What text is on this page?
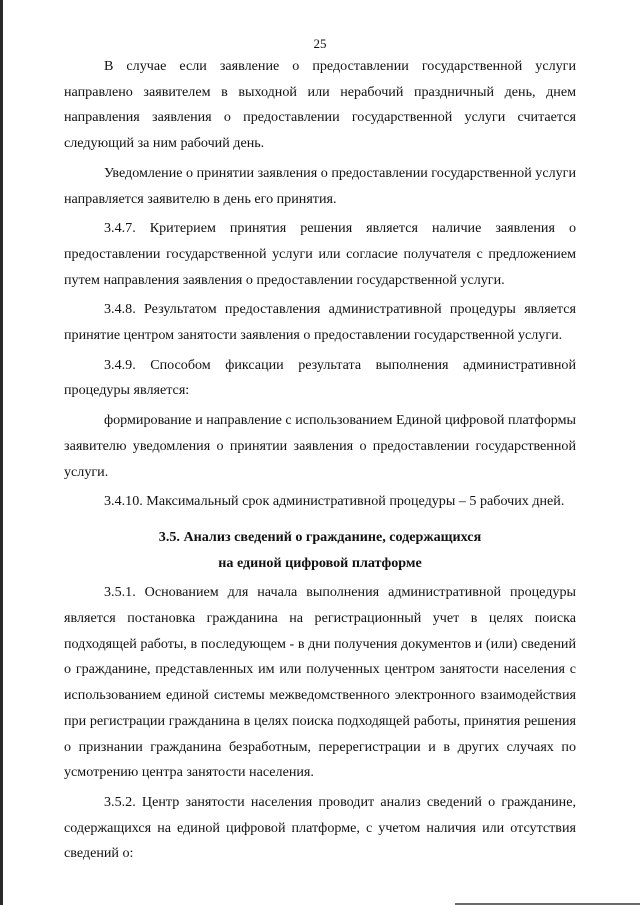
25

В случае если заявление о предоставлении государственной услуги направлено заявителем в выходной или нерабочий праздничный день, днем направления заявления о предоставлении государственной услуги считается следующий за ним рабочий день.

Уведомление о принятии заявления о предоставлении государственной услуги направляется заявителю в день его принятия.

3.4.7. Критерием принятия решения является наличие заявления о предоставлении государственной услуги или согласие получателя с предложением путем направления заявления о предоставлении государственной услуги.

3.4.8. Результатом предоставления административной процедуры является принятие центром занятости заявления о предоставлении государственной услуги.

3.4.9. Способом фиксации результата выполнения административной процедуры является:

формирование и направление с использованием Единой цифровой платформы заявителю уведомления о принятии заявления о предоставлении государственной услуги.

3.4.10. Максимальный срок административной процедуры – 5 рабочих дней.

3.5. Анализ сведений о гражданине, содержащихся
на единой цифровой платформе

3.5.1. Основанием для начала выполнения административной процедуры является постановка гражданина на регистрационный учет в целях поиска подходящей работы, в последующем - в дни получения документов и (или) сведений о гражданине, представленных им или полученных центром занятости населения с использованием единой системы межведомственного электронного взаимодействия при регистрации гражданина в целях поиска подходящей работы, принятия решения о признании гражданина безработным, перерегистрации и в других случаях по усмотрению центра занятости населения.

3.5.2. Центр занятости населения проводит анализ сведений о гражданине, содержащихся на единой цифровой платформе, с учетом наличия или отсутствия сведений о:
